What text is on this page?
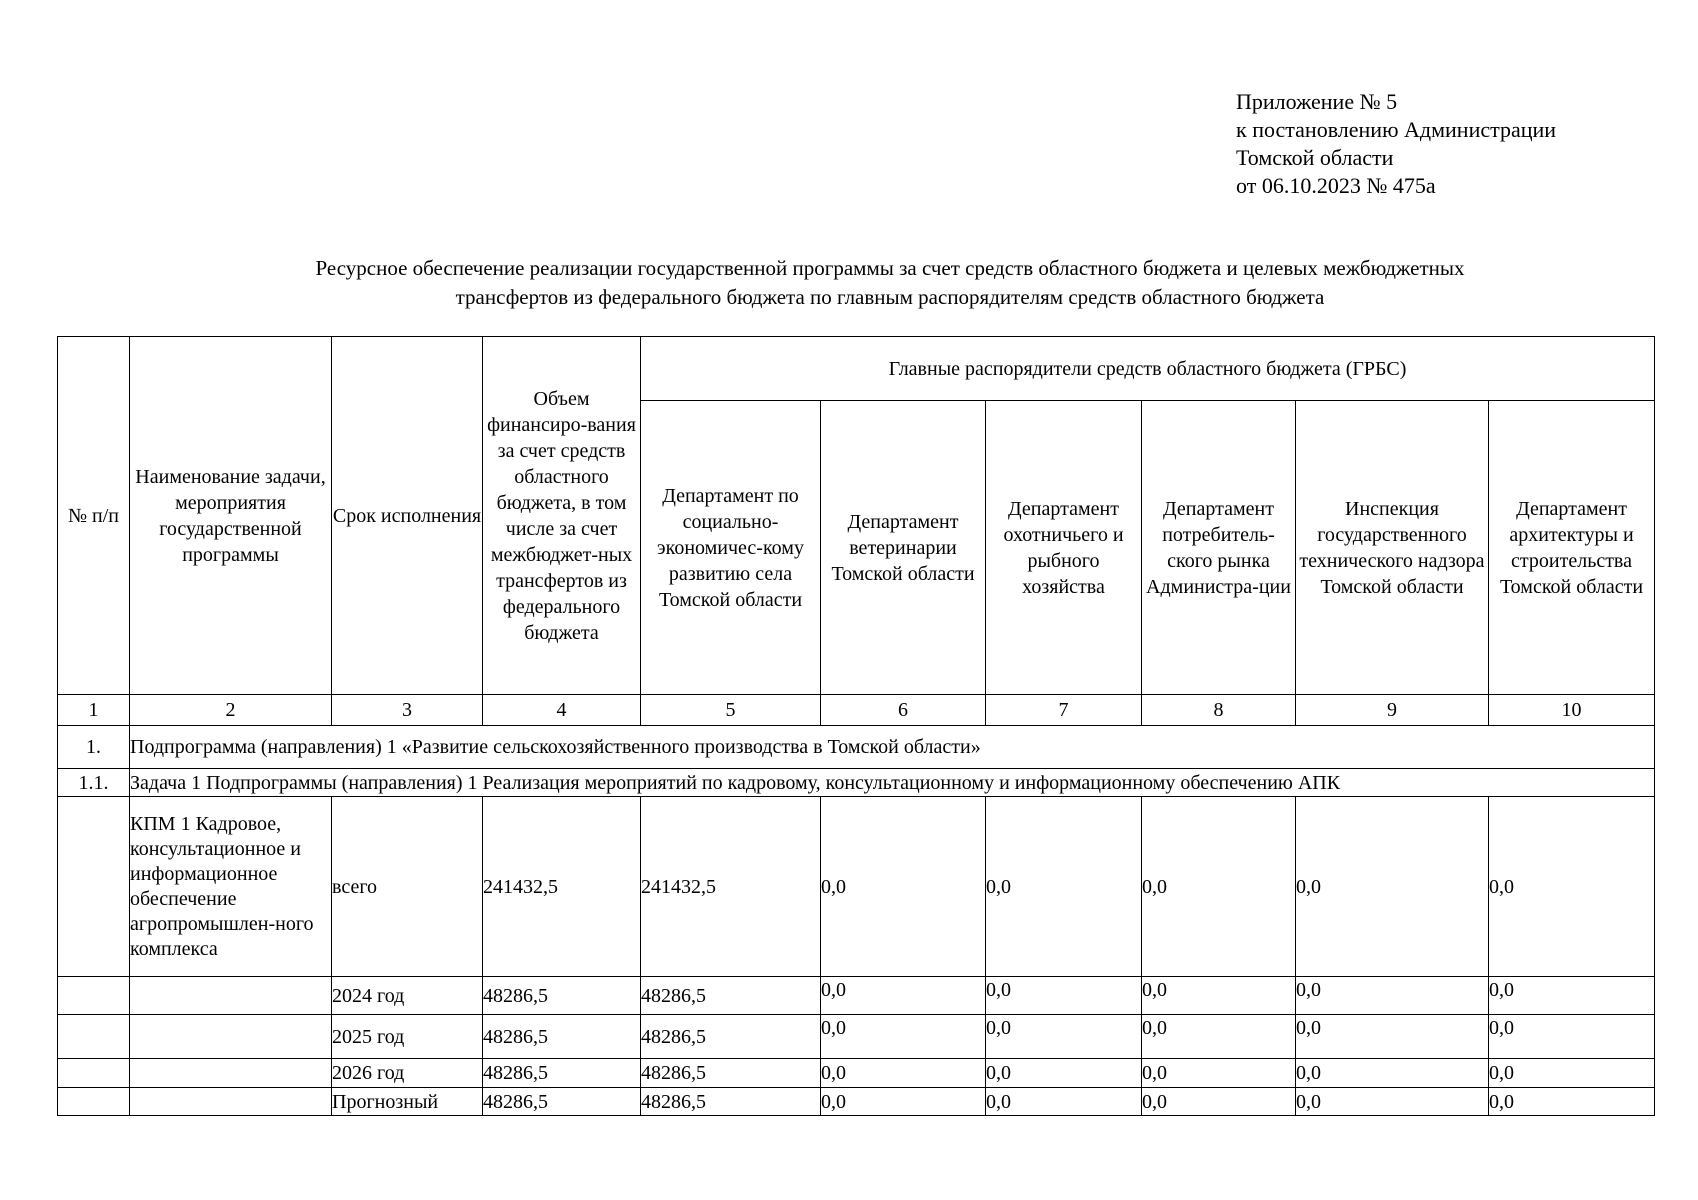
Приложение № 5
к постановлению Администрации
Томской области
от 06.10.2023 № 475а
Ресурсное обеспечение реализации государственной программы за счет средств областного бюджета и целевых межбюджетных
трансфертов из федерального бюджета по главным распорядителям средств областного бюджета
№ п/п	Наименование задачи, мероприятия государственной программы	Срок исполнения	Объем финансиро-вания за счет средств областного бюджета, в том числе за счет межбюджет-ных трансфертов из федерального бюджета	Главные распорядители средств областного бюджета (ГРБС)					
				Департамент по социально-экономичес-кому развитию села Томской области	Департамент ветеринарии Томской области	Департамент охотничьего и рыбного хозяйства	Департамент потребитель-ского рынка Администра-ции	Инспекция государственного технического надзора Томской области	Департамент архитектуры и строительства Томской области
1	2	3	4	5	6	7	8	9	10
1.	Подпрограмма (направления) 1 «Развитие сельскохозяйственного производства в Томской области»								
1.1.	Задача 1 Подпрограммы (направления) 1 Реализация мероприятий по кадровому, консультационному и информационному обеспечению АПК								
	КПМ 1 Кадровое, консультационное и информационное обеспечение агропромышлен-ного комплекса	всего	241432,5	241432,5	0,0	0,0	0,0	0,0	0,0
		2024 год	48286,5	48286,5	0,0	0,0	0,0	0,0	0,0
		2025 год	48286,5	48286,5	0,0	0,0	0,0	0,0	0,0
		2026 год	48286,5	48286,5	0,0	0,0	0,0	0,0	0,0
		Прогнозный	48286,5	48286,5	0,0	0,0	0,0	0,0	0,0
